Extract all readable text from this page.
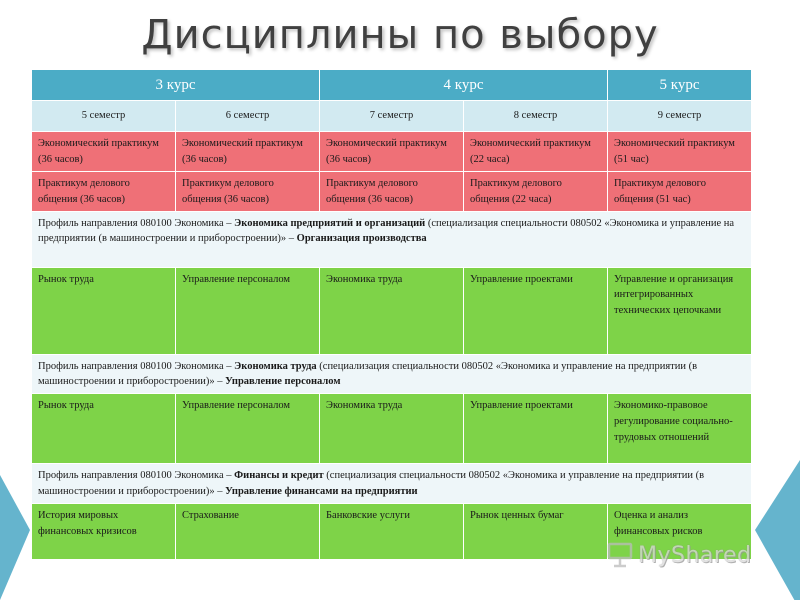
Дисциплины по выбору
3 курс		4 курс		5 курс
5 семестр	6 семестр	7 семестр	8 семестр	9 семестр
Экономический практикум (36 часов)	Экономический практикум (36 часов)	Экономический практикум (36 часов)	Экономический практикум (22 часа)	Экономический практикум (51 час)
Практикум делового общения (36 часов)	Практикум делового общения (36 часов)	Практикум делового общения (36 часов)	Практикум делового общения (22 часа)	Практикум делового общения (51 час)
Профиль направления 080100 Экономика – Экономика предприятий и организаций (специализация специальности 080502 «Экономика и управление на предприятии (в машиностроении и приборостроении)» – Организация производства				
Рынок труда	Управление персоналом	Экономика труда	Управление проектами	Управление и организация интегрированных технических цепочками
Профиль направления 080100 Экономика – Экономика труда (специализация специальности 080502 «Экономика и управление на предприятии (в машиностроении и приборостроении)» – Управление персоналом				
Рынок труда	Управление персоналом	Экономика труда	Управление проектами	Экономико-правовое регулирование социально-трудовых отношений
Профиль направления 080100 Экономика – Финансы и кредит (специализация специальности 080502 «Экономика и управление на предприятии (в машиностроении и приборостроении)» – Управление финансами на предприятии				
История мировых финансовых кризисов	Страхование	Банковские услуги	Рынок ценных бумаг	Оценка и анализ финансовых рисков
MyShared
